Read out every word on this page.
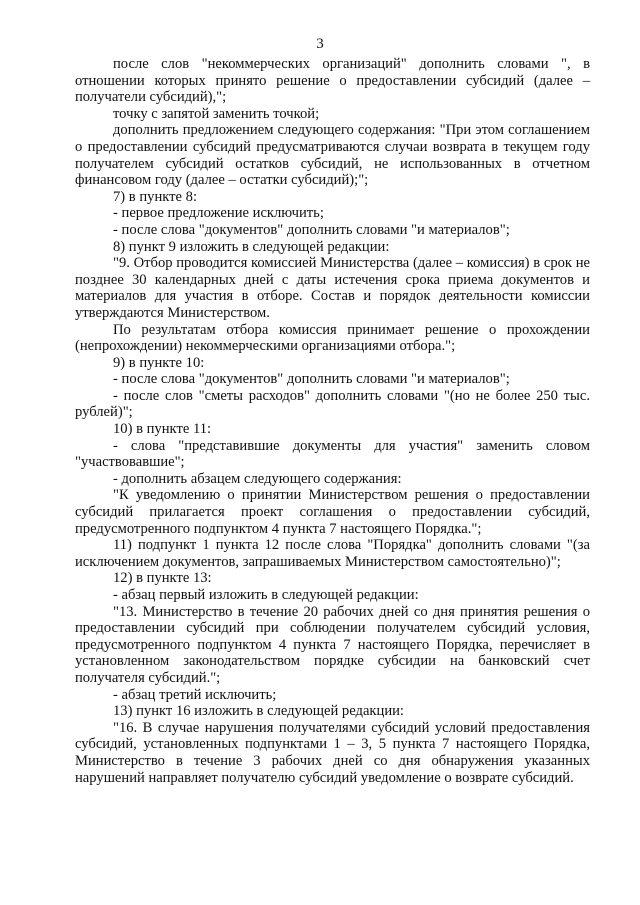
3

после слов "некоммерческих организаций" дополнить словами ", в отношении которых принято решение о предоставлении субсидий (далее – получатели субсидий),";

точку с запятой заменить точкой;

дополнить предложением следующего содержания: "При этом соглашением о предоставлении субсидий предусматриваются случаи возврата в текущем году получателем субсидий остатков субсидий, не использованных в отчетном финансовом году (далее – остатки субсидий);";

7) в пункте 8:

- первое предложение исключить;

- после слова "документов" дополнить словами "и материалов";

8) пункт 9 изложить в следующей редакции:

"9. Отбор проводится комиссией Министерства (далее – комиссия) в срок не позднее 30 календарных дней с даты истечения срока приема документов и материалов для участия в отборе. Состав и порядок деятельности комиссии утверждаются Министерством.

По результатам отбора комиссия принимает решение о прохождении (непрохождении) некоммерческими организациями отбора.";

9) в пункте 10:

- после слова "документов" дополнить словами "и материалов";

- после слов "сметы расходов" дополнить словами "(но не более 250 тыс. рублей)";

10) в пункте 11:

- слова "представившие документы для участия" заменить словом "участвовавшие";

- дополнить абзацем следующего содержания:

"К уведомлению о принятии Министерством решения о предоставлении субсидий прилагается проект соглашения о предоставлении субсидий, предусмотренного подпунктом 4 пункта 7 настоящего Порядка.";

11) подпункт 1 пункта 12 после слова "Порядка" дополнить словами "(за исключением документов, запрашиваемых Министерством самостоятельно)";

12) в пункте 13:

- абзац первый изложить в следующей редакции:

"13. Министерство в течение 20 рабочих дней со дня принятия решения о предоставлении субсидий при соблюдении получателем субсидий условия, предусмотренного подпунктом 4 пункта 7 настоящего Порядка, перечисляет в установленном законодательством порядке субсидии на банковский счет получателя субсидий.";

- абзац третий исключить;

13) пункт 16 изложить в следующей редакции:

"16. В случае нарушения получателями субсидий условий предоставления субсидий, установленных подпунктами 1 – 3, 5 пункта 7 настоящего Порядка, Министерство в течение 3 рабочих дней со дня обнаружения указанных нарушений направляет получателю субсидий уведомление о возврате субсидий.
